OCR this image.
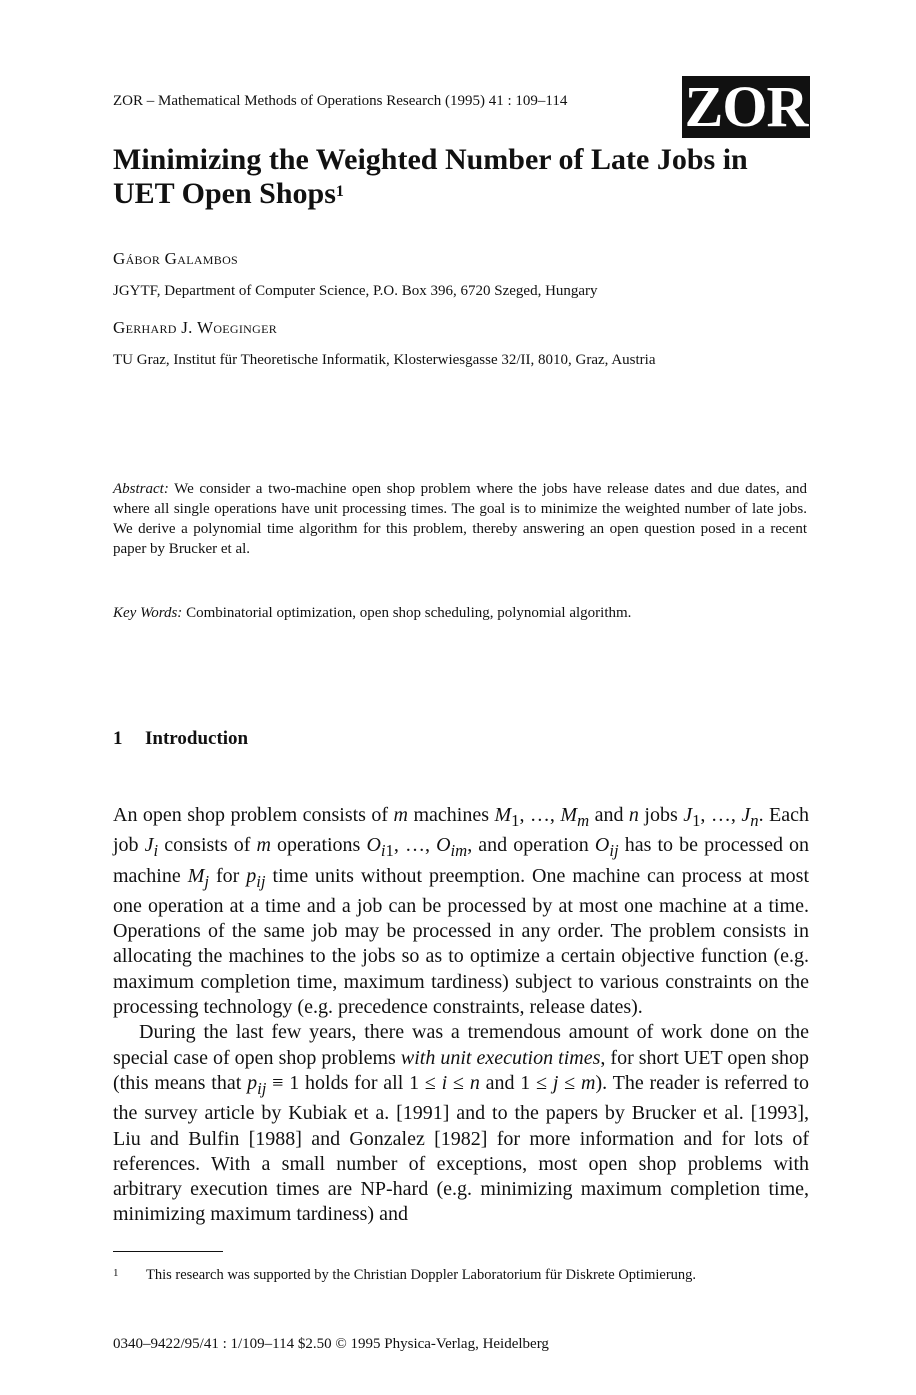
ZOR – Mathematical Methods of Operations Research (1995) 41 : 109–114 ZOR
Minimizing the Weighted Number of Late Jobs in
UET Open Shops$^1$
Gábor Galambos
JGYTF, Department of Computer Science, P.O. Box 396, 6720 Szeged, Hungary
Gerhard J. Woeginger
TU Graz, Institut für Theoretische Informatik, Klosterwiesgasse 32/II, 8010, Graz, Austria
Abstract: We consider a two-machine open shop problem where the jobs have release dates and due dates, and where all single operations have unit processing times. The goal is to minimize the weighted number of late jobs. We derive a polynomial time algorithm for this problem, thereby answering an open question posed in a recent paper by Brucker et al.
Key Words: Combinatorial optimization, open shop scheduling, polynomial algorithm.
1 Introduction

An open shop problem consists of m machines $M_1$, …, $M_m$ and n jobs $J_1$, …, $J_n$. Each job $J_i$ consists of m operations $O_{i1}$, …, $O_{im}$, and operation $O_{ij}$ has to be processed on machine $M_j$ for $p_{ij}$ time units without preemption. One machine can process at most one operation at a time and a job can be processed by at most one machine at a time. Operations of the same job may be processed in any order. The problem consists in allocating the machines to the jobs so as to optimize a certain objective function (e.g. maximum completion time, maximum tardiness) subject to various constraints on the processing technology (e.g. precedence constraints, release dates).

During the last few years, there was a tremendous amount of work done on the special case of open shop problems with unit execution times, for short UET open shop (this means that $p_{ij} \equiv 1$ holds for all 1 ≤ i ≤ n and 1 ≤ j ≤ m). The reader is referred to the survey article by Kubiak et a. [1991] and to the papers by Brucker et al. [1993], Liu and Bulfin [1988] and Gonzalez [1982] for more information and for lots of references. With a small number of exceptions, most open shop problems with arbitrary execution times are NP-hard (e.g. minimizing maximum completion time, minimizing maximum tardiness) and

1 This research was supported by the Christian Doppler Laboratorium für Diskrete Optimierung.
0340–9422/95/41 : 1/109–114 $2.50 © 1995 Physica-Verlag, Heidelberg
